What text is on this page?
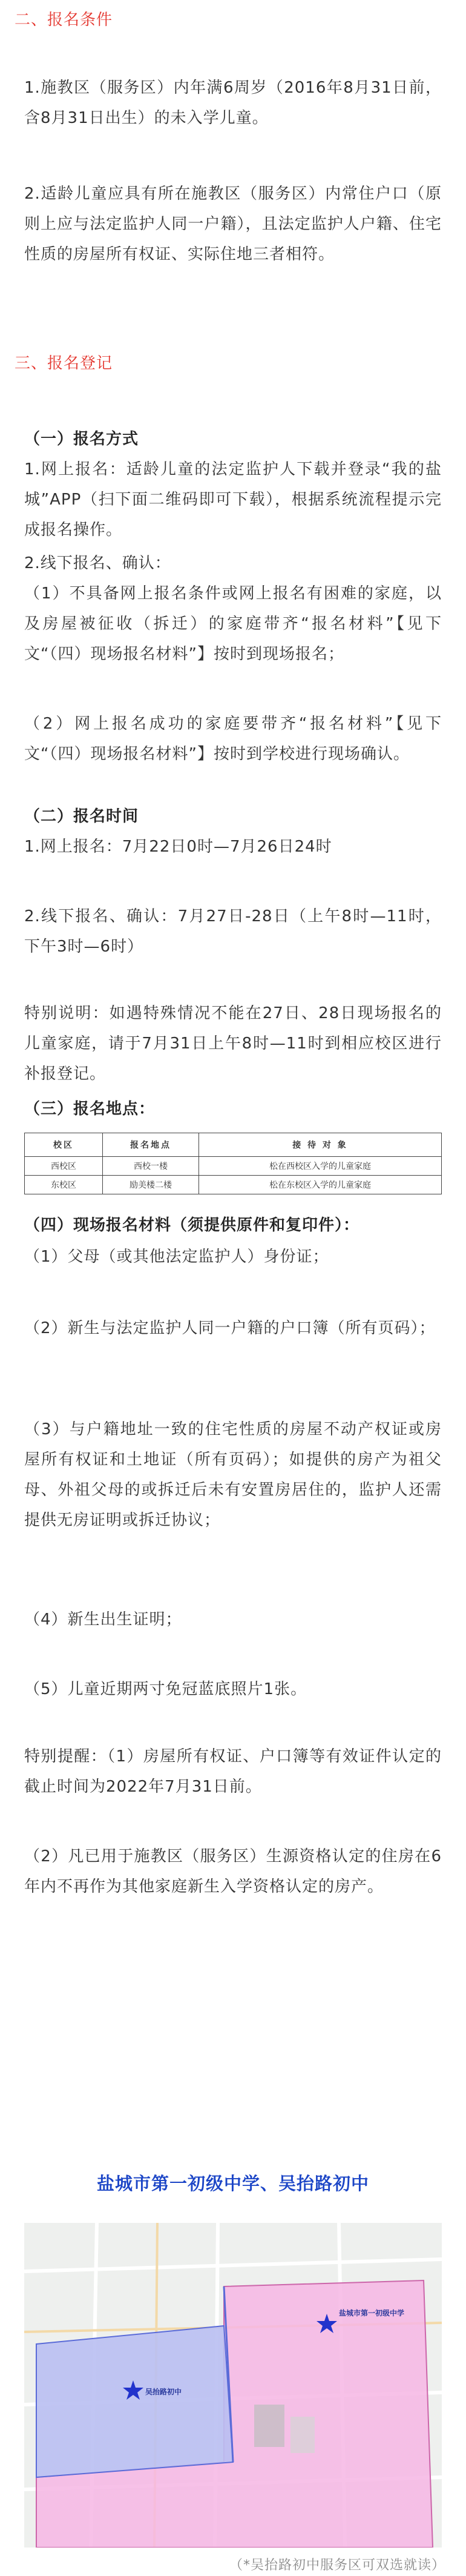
二、报名条件
1.施教区（服务区）内年满6周岁（2016年8月31日前，含8月31日出生）的未入学儿童。
2.适龄儿童应具有所在施教区（服务区）内常住户口（原则上应与法定监护人同一户籍），且法定监护人户籍、住宅性质的房屋所有权证、实际住地三者相符。
三、报名登记
（一）报名方式
1.网上报名：适龄儿童的法定监护人下载并登录“我的盐城”APP（扫下面二维码即可下载），根据系统流程提示完成报名操作。
2.线下报名、确认：
（1）不具备网上报名条件或网上报名有困难的家庭，以及房屋被征收（拆迁）的家庭带齐“报名材料”【见下文“（四）现场报名材料”】按时到现场报名；
（2）网上报名成功的家庭要带齐“报名材料”【见下文“（四）现场报名材料”】按时到学校进行现场确认。
（二）报名时间
1.网上报名：7月22日0时—7月26日24时
2.线下报名、确认：7月27日-28日（上午8时—11时，下午3时—6时）
特别说明：如遇特殊情况不能在27日、28日现场报名的儿童家庭，请于7月31日上午8时—11时到相应校区进行补报登记。
（三）报名地点：
校区	报名地点	接 待 对 象
西校区	西校一楼	松在西校区入学的儿童家庭
东校区	励美楼二楼	松在东校区入学的儿童家庭
（四）现场报名材料（须提供原件和复印件）：
（1）父母（或其他法定监护人）身份证；
（2）新生与法定监护人同一户籍的户口簿（所有页码）；
（3）与户籍地址一致的住宅性质的房屋不动产权证或房屋所有权证和土地证（所有页码）；如提供的房产为祖父母、外祖父母的或拆迁后未有安置房居住的，监护人还需提供无房证明或拆迁协议；
（4）新生出生证明；
（5）儿童近期两寸免冠蓝底照片1张。
特别提醒：（1）房屋所有权证、户口簿等有效证件认定的截止时间为2022年7月31日前。
（2）凡已用于施教区（服务区）生源资格认定的住房在6年内不再作为其他家庭新生入学资格认定的房产。
盐城市第一初级中学、吴抬路初中
盐城市第一初级中学
吴抬路初中
（*吴抬路初中服务区可双选就读）
